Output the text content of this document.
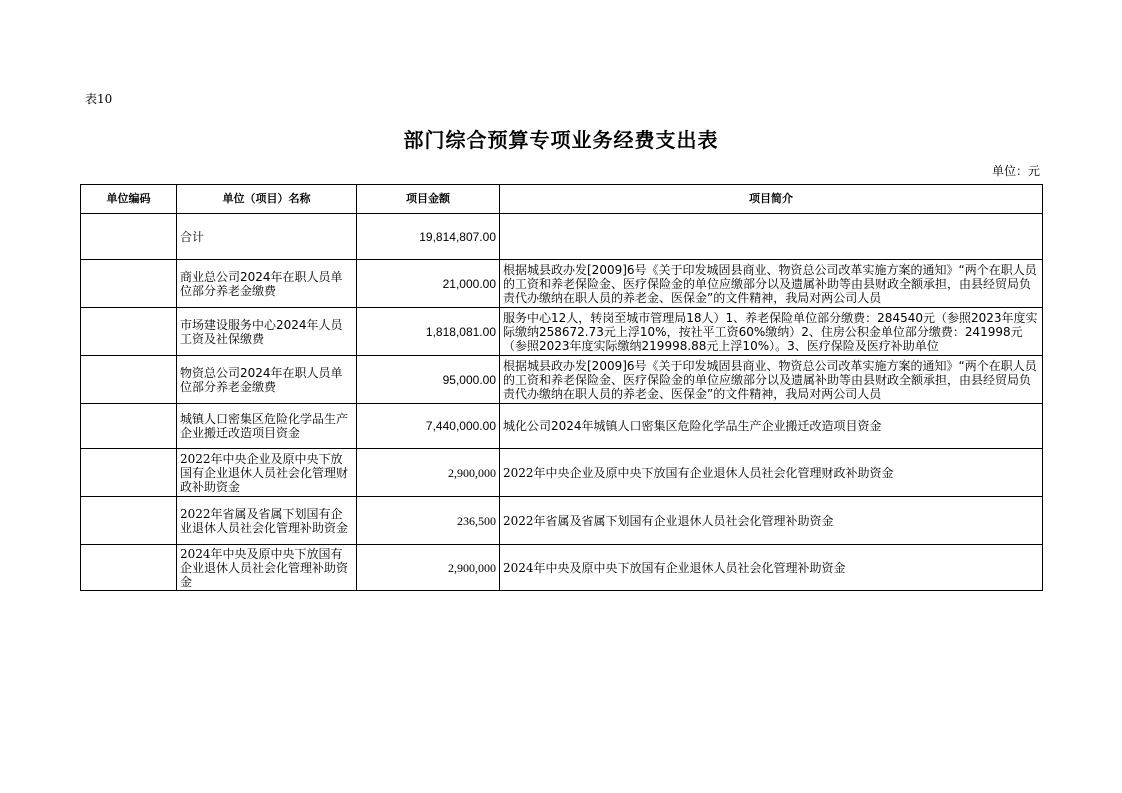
表10
部门综合预算专项业务经费支出表
单位：元
单位编码	单位（项目）名称	项目金额	项目简介
	合计	19,814,807.00	
	商业总公司2024年在职人员单位部分养老金缴费	21,000.00	根据城县政办发[2009]6号《关于印发城固县商业、物资总公司改革实施方案的通知》“两个在职人员的工资和养老保险金、医疗保险金的单位应缴部分以及遗属补助等由县财政全额承担，由县经贸局负责代办缴纳在职人员的养老金、医保金”的文件精神，我局对两公司人员

	市场建设服务中心2024年人员工资及社保缴费	1,818,081.00	服务中心12人，转岗至城市管理局18人）1、养老保险单位部分缴费：284540元（参照2023年度实际缴纳258672.73元上浮10%，按社平工资60%缴纳）2、住房公积金单位部分缴费：241998元（参照2023年度实际缴纳219998.88元上浮10%）。3、医疗保险及医疗补助单位

	物资总公司2024年在职人员单位部分养老金缴费	95,000.00	根据城县政办发[2009]6号《关于印发城固县商业、物资总公司改革实施方案的通知》“两个在职人员的工资和养老保险金、医疗保险金的单位应缴部分以及遗属补助等由县财政全额承担，由县经贸局负责代办缴纳在职人员的养老金、医保金”的文件精神，我局对两公司人员

	城镇人口密集区危险化学品生产企业搬迁改造项目资金	7,440,000.00	城化公司2024年城镇人口密集区危险化学品生产企业搬迁改造项目资金
	2022年中央企业及原中央下放国有企业退休人员社会化管理财政补助资金	2,900,000	2022年中央企业及原中央下放国有企业退休人员社会化管理财政补助资金
	2022年省属及省属下划国有企业退休人员社会化管理补助资金	236,500	2022年省属及省属下划国有企业退休人员社会化管理补助资金
	2024年中央及原中央下放国有企业退休人员社会化管理补助资金	2,900,000	2024年中央及原中央下放国有企业退休人员社会化管理补助资金
